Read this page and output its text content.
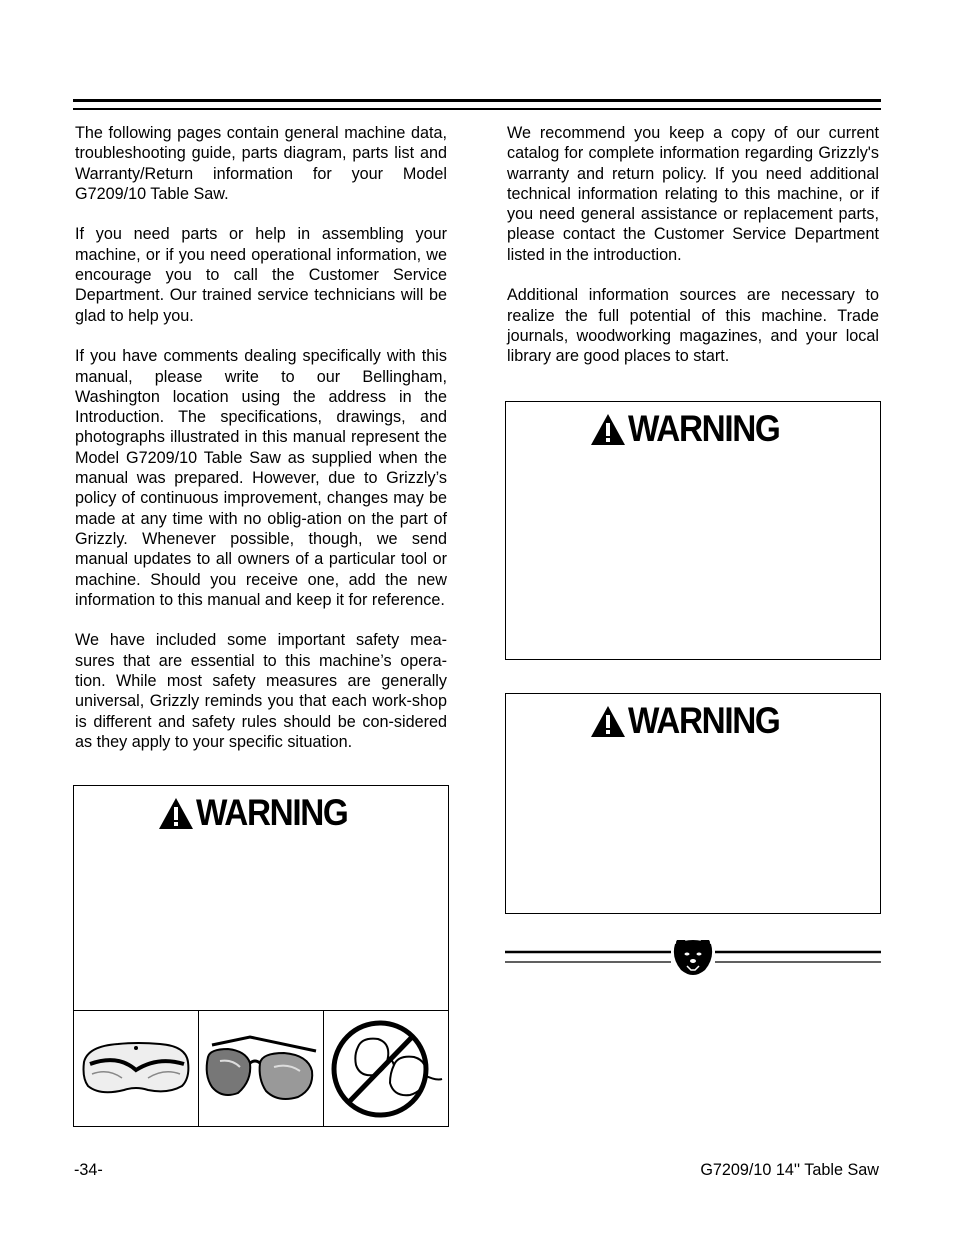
The following pages contain general machine data, troubleshooting guide, parts diagram, parts list and Warranty/Return information for your Model G7209/10 Table Saw.

If you need parts or help in assembling your machine, or if you need operational information, we encourage you to call the Customer Service Department. Our trained service technicians will be glad to help you.

If you have comments dealing specifically with this manual, please write to our Bellingham, Washington location using the address in the Introduction. The specifications, drawings, and photographs illustrated in this manual represent the Model G7209/10 Table Saw as supplied when the manual was prepared. However, due to Grizzly’s policy of continuous improvement, changes may be made at any time with no oblig-ation on the part of Grizzly. Whenever possible, though, we send manual updates to all owners of a particular tool or machine. Should you receive one, add the new information to this manual and keep it for reference.

We have included some important safety mea-sures that are essential to this machine’s opera-tion. While most safety measures are generally universal, Grizzly reminds you that each work-shop is different and safety rules should be con-sidered as they apply to your specific situation.

We recommend you keep a copy of our current catalog for complete information regarding Grizzly's warranty and return policy. If you need additional technical information relating to this machine, or if you need general assistance or replacement parts, please contact the Customer Service Department listed in the introduction.

Additional information sources are necessary to realize the full potential of this machine. Trade journals, woodworking magazines, and your local library are good places to start.

WARNING
WARNING
WARNING
-34-	G7209/10 14'' Table Saw
